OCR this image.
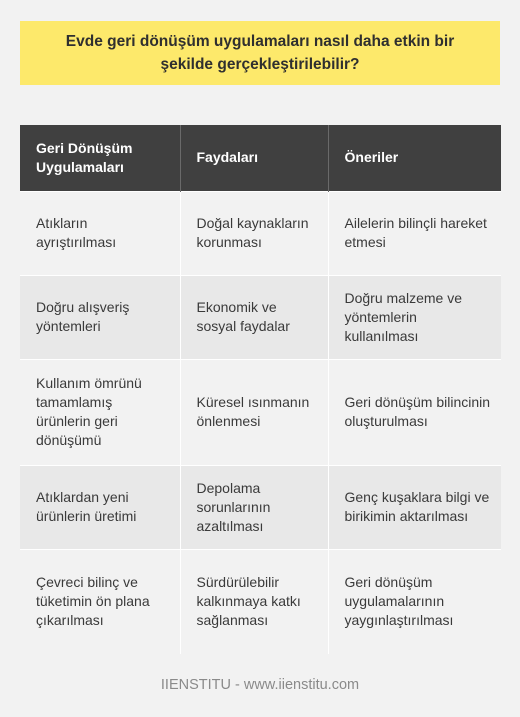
Evde geri dönüşüm uygulamaları nasıl daha etkin bir şekilde gerçekleştirilebilir?
Geri Dönüşüm Uygulamaları	Faydaları	Öneriler
Atıkların ayrıştırılması	Doğal kaynakların korunması	Ailelerin bilinçli hareket etmesi
Doğru alışveriş yöntemleri	Ekonomik ve sosyal faydalar	Doğru malzeme ve yöntemlerin kullanılması
Kullanım ömrünü tamamlamış ürünlerin geri dönüşümü	Küresel ısınmanın önlenmesi	Geri dönüşüm bilincinin oluşturulması
Atıklardan yeni ürünlerin üretimi	Depolama sorunlarının azaltılması	Genç kuşaklara bilgi ve birikimin aktarılması
Çevreci bilinç ve tüketimin ön plana çıkarılması	Sürdürülebilir kalkınmaya katkı sağlanması	Geri dönüşüm uygulamalarının yaygınlaştırılması
IIENSTITU - www.iienstitu.com
